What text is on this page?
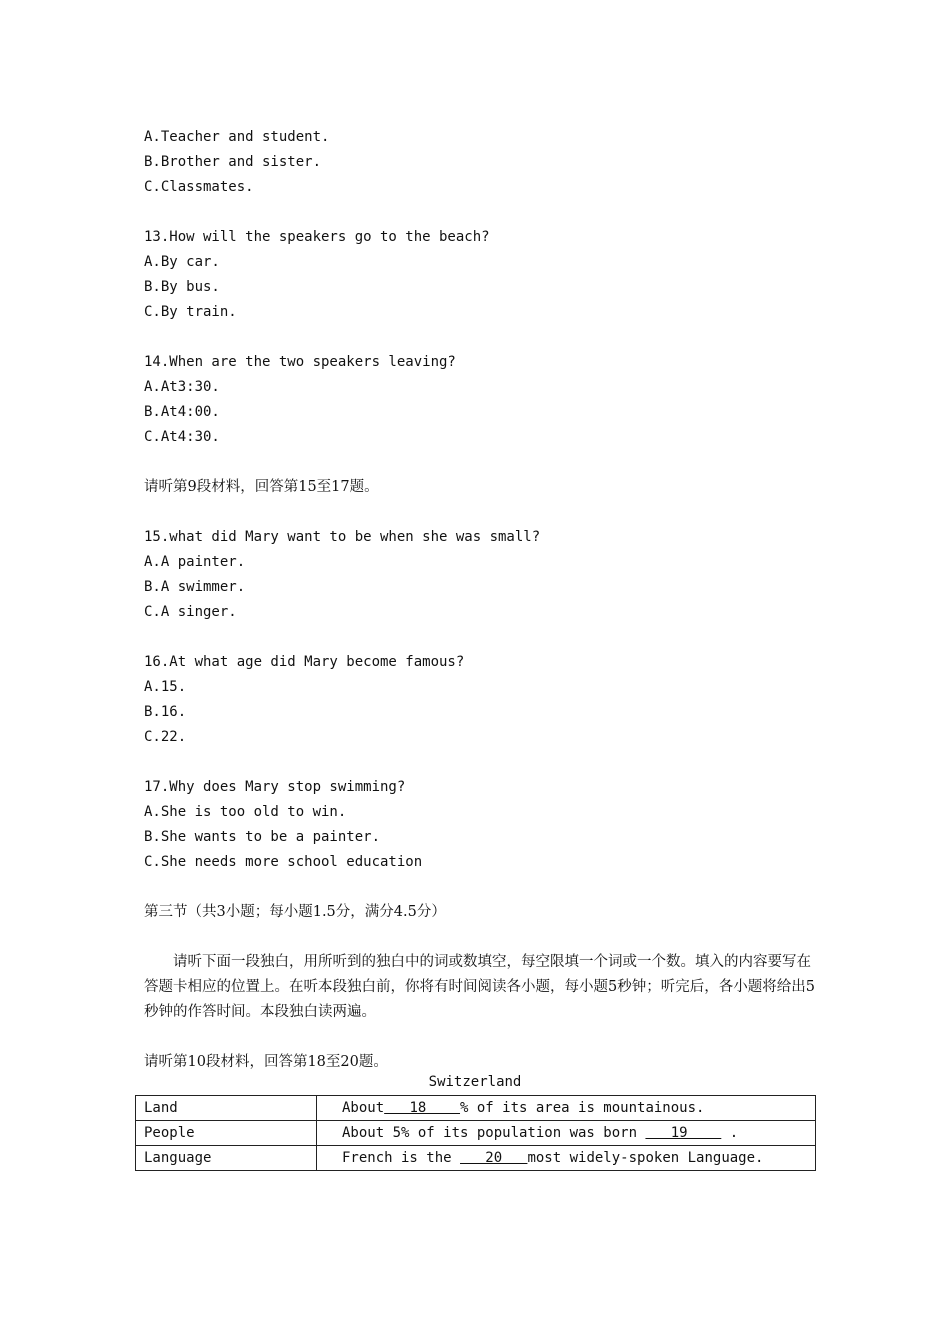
A.Teacher and student.
B.Brother and sister.
C.Classmates.
13.How will the speakers go to the beach?
A.By car.
B.By bus.
C.By train.
14.When are the two speakers leaving?
A.At3:30.
B.At4:00.
C.At4:30.
请听第9段材料，回答第15至17题。
15.what did Mary want to be when she was small?
A.A painter.
B.A swimmer.
C.A singer.
16.At what age did Mary become famous?
A.15.
B.16.
C.22.
17.Why does Mary stop swimming?
A.She is too old to win.
B.She wants to be a painter.
C.She needs more school education
第三节（共3小题；每小题1.5分，满分4.5分）

请听下面一段独白，用所听到的独白中的词或数填空，每空限填一个词或一个数。填入的内容要写在答题卡相应的位置上。在听本段独白前，你将有时间阅读各小题，每小题5秒钟；听完后，各小题将给出5秒钟的作答时间。本段独白读两遍。

请听第10段材料，回答第18至20题。
Switzerland
Land	About   18    % of its area is mountainous.
People	About 5% of its population was born    19     .
Language	French is the    20   most widely-spoken Language.
